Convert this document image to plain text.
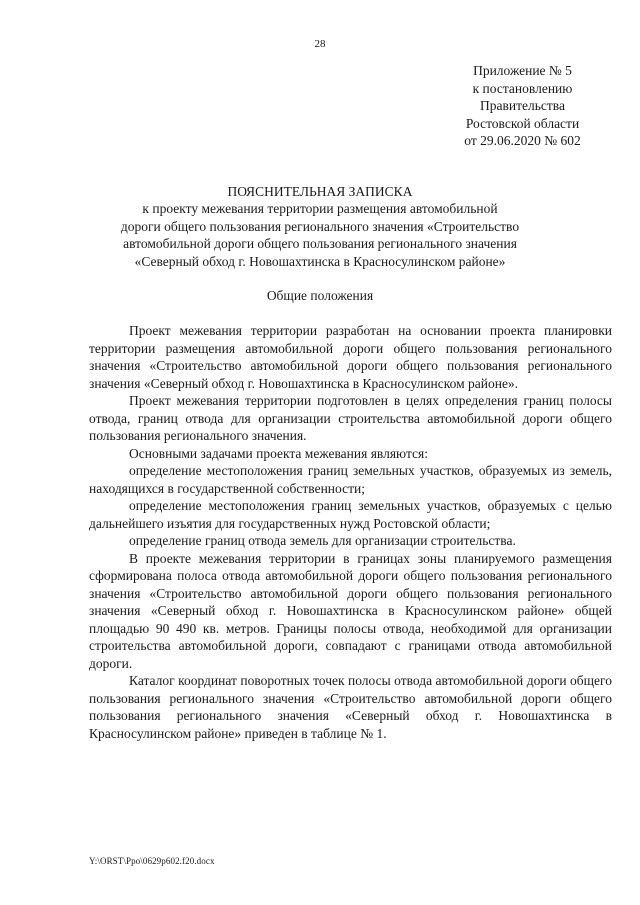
28
Приложение № 5
к постановлению
Правительства
Ростовской области
от 29.06.2020 № 602
ПОЯСНИТЕЛЬНАЯ ЗАПИСКА
к проекту межевания территории размещения автомобильной
дороги общего пользования регионального значения «Строительство
автомобильной дороги общего пользования регионального значения
«Северный обход г. Новошахтинска в Красносулинском районе»
Общие положения

Проект межевания территории разработан на основании проекта планировки территории размещения автомобильной дороги общего пользования регионального значения «Строительство автомобильной дороги общего пользования регионального значения «Северный обход г. Новошахтинска в Красносулинском районе».

Проект межевания территории подготовлен в целях определения границ полосы отвода, границ отвода для организации строительства автомобильной дороги общего пользования регионального значения.

Основными задачами проекта межевания являются:

определение местоположения границ земельных участков, образуемых из земель, находящихся в государственной собственности;

определение местоположения границ земельных участков, образуемых с целью дальнейшего изъятия для государственных нужд Ростовской области;

определение границ отвода земель для организации строительства.

В проекте межевания территории в границах зоны планируемого размещения сформирована полоса отвода автомобильной дороги общего пользования регионального значения «Строительство автомобильной дороги общего пользования регионального значения «Северный обход г. Новошахтинска в Красносулинском районе» общей площадью 90 490 кв. метров. Границы полосы отвода, необходимой для организации строительства автомобильной дороги, совпадают с границами отвода автомобильной дороги.

Каталог координат поворотных точек полосы отвода автомобильной дороги общего пользования регионального значения «Строительство автомобильной дороги общего пользования регионального значения «Северный обход г. Новошахтинска в Красносулинском районе» приведен в таблице № 1.

Y:\ORST\Ppo\0629p602.f20.docx
